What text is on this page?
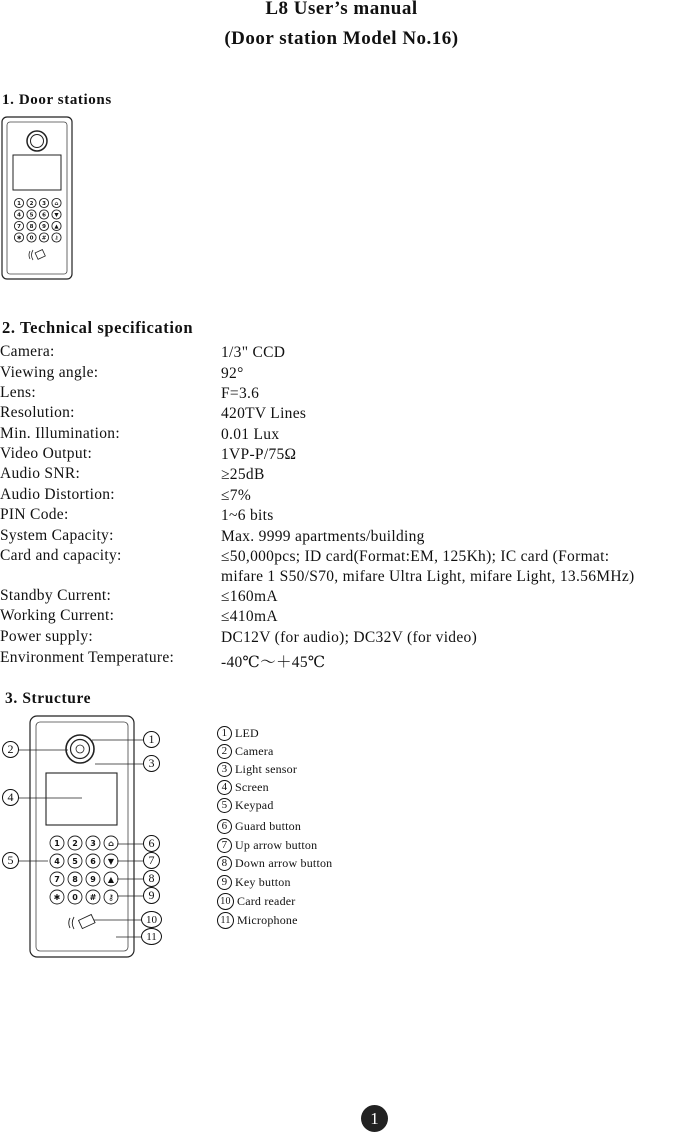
L8 User’s manual
(Door station Model No.16)
1. Door stations
1 2 3 ⌂
4 5 6 ▼
7 8 9 ▲
✱ 0 # ⚷
2. Technical specification
Camera:	1/3" CCD
Viewing angle:	92°
Lens:	F=3.6
Resolution:	420TV Lines
Min. Illumination:	0.01 Lux
Video Output:	1VP-P/75Ω
Audio SNR:	≥25dB
Audio Distortion:	≤7%
PIN Code:	1~6 bits
System Capacity:	Max. 9999 apartments/building
Card and capacity:	≤50,000pcs; ID card(Format:EM, 125Kh); IC card (Format:
mifare 1 S50/S70, mifare Ultra Light, mifare Light, 13.56MHz)
Standby Current:	≤160mA
Working Current:	≤410mA
Power supply:	DC12V (for audio); DC32V (for video)
Environment Temperature:	-40℃～＋45℃
3. Structure
1 2 3 ⌂
4 5 6 ▼
7 8 9 ▲
✱ 0 # ⚷
1
2
3
4
5
6
7
8
9
10
11
1 LED
2 Camera
3 Light sensor
4 Screen
5 Keypad
6 Guard button
7 Up arrow button
8 Down arrow button
9 Key button
10 Card reader
11 Microphone
1
